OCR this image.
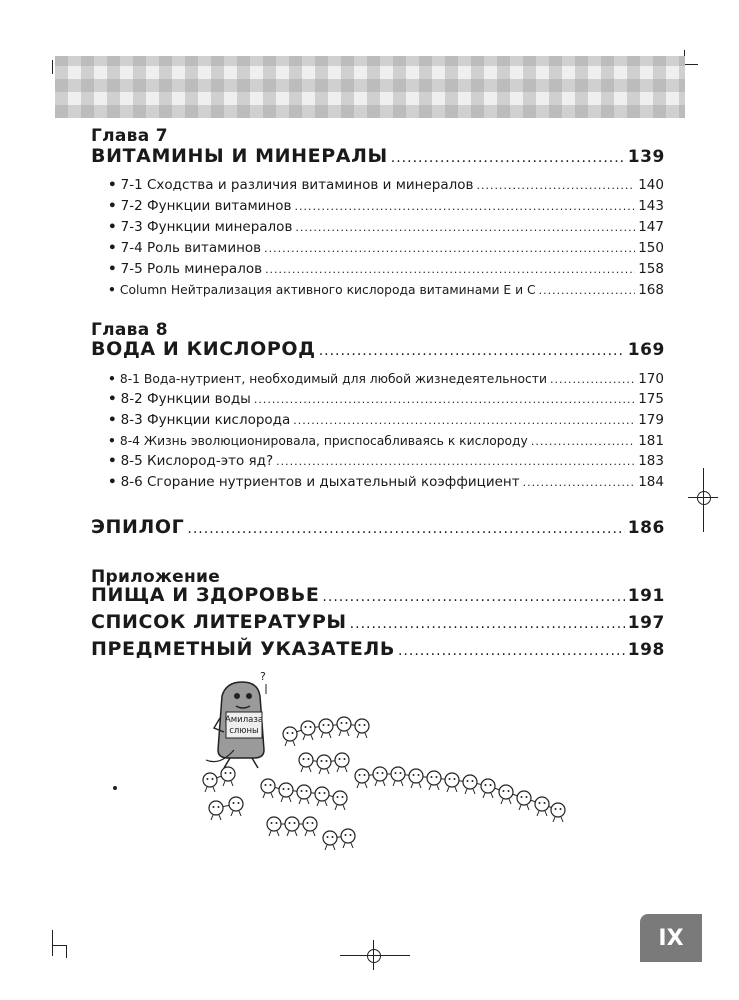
Глава 7
ВИТАМИНЫ И МИНЕРАЛЫ .....	139
• 7-1 Сходства и различия витаминов и минералов .....	140
• 7-2 Функции витаминов .....	143
• 7-3 Функции минералов .....	147
• 7-4 Роль витаминов .....	150
• 7-5 Роль минералов .....	158
• Column Нейтрализация активного кислорода витаминами E и C .....	168
Глава 8
ВОДА И КИСЛОРОД .....	169
• 8-1 Вода-нутриент, необходимый для любой жизнедеятельности .....	170
• 8-2 Функции воды .....	175
• 8-3 Функции кислорода .....	179
• 8-4 Жизнь эволюционировала, приспосабливаясь к кислороду .....	181
• 8-5 Кислород-это яд? .....	183
• 8-6 Сгорание нутриентов и дыхательный коэффициент .....	184
ЭПИЛОГ .....	186
Приложение
ПИЩА И ЗДОРОВЬЕ .....	191
СПИСОК ЛИТЕРАТУРЫ .....	197
ПРЕДМЕТНЫЙ УКАЗАТЕЛЬ .....	198
Амилаза
слюны
?
IX
